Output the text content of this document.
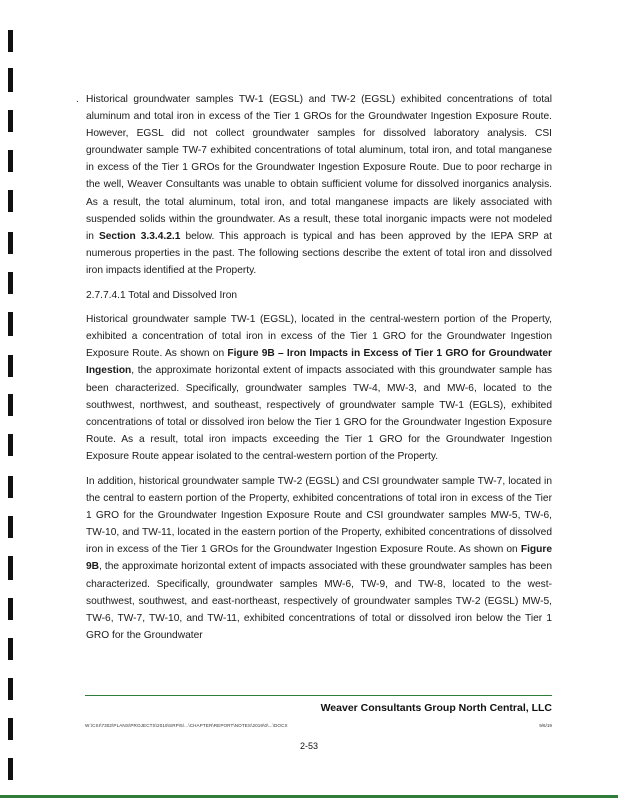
. Historical groundwater samples TW-1 (EGSL) and TW-2 (EGSL) exhibited concentrations of total aluminum and total iron in excess of the Tier 1 GROs for the Groundwater Ingestion Exposure Route. However, EGSL did not collect groundwater samples for dissolved laboratory analysis. CSI groundwater sample TW-7 exhibited concentrations of total aluminum, total iron, and total manganese in excess of the Tier 1 GROs for the Groundwater Ingestion Exposure Route. Due to poor recharge in the well, Weaver Consultants was unable to obtain sufficient volume for dissolved inorganics analysis. As a result, the total aluminum, total iron, and total manganese impacts are likely associated with suspended solids within the groundwater. As a result, these total inorganic impacts were not modeled in Section 3.3.4.2.1 below. This approach is typical and has been approved by the IEPA SRP at numerous properties in the past. The following sections describe the extent of total iron and dissolved iron impacts identified at the Property.

2.7.7.4.1 Total and Dissolved Iron

Historical groundwater sample TW-1 (EGSL), located in the central-western portion of the Property, exhibited a concentration of total iron in excess of the Tier 1 GRO for the Groundwater Ingestion Exposure Route. As shown on Figure 9B – Iron Impacts in Excess of Tier 1 GRO for Groundwater Ingestion, the approximate horizontal extent of impacts associated with this groundwater sample has been characterized. Specifically, groundwater samples TW-4, MW-3, and MW-6, located to the southwest, northwest, and southeast, respectively of groundwater sample TW-1 (EGLS), exhibited concentrations of total or dissolved iron below the Tier 1 GRO for the Groundwater Ingestion Exposure Route. As a result, total iron impacts exceeding the Tier 1 GRO for the Groundwater Ingestion Exposure Route appear isolated to the central-western portion of the Property.

In addition, historical groundwater sample TW-2 (EGSL) and CSI groundwater sample TW-7, located in the central to eastern portion of the Property, exhibited concentrations of total iron in excess of the Tier 1 GRO for the Groundwater Ingestion Exposure Route and CSI groundwater samples MW-5, TW-6, TW-10, and TW-11, located in the eastern portion of the Property, exhibited concentrations of dissolved iron in excess of the Tier 1 GROs for the Groundwater Ingestion Exposure Route. As shown on Figure 9B, the approximate horizontal extent of impacts associated with these groundwater samples has been characterized. Specifically, groundwater samples MW-6, TW-9, and TW-8, located to the west-southwest, southwest, and east-northeast, respectively of groundwater samples TW-2 (EGSL) MW-5, TW-6, TW-7, TW-10, and TW-11, exhibited concentrations of total or dissolved iron below the Tier 1 GRO for the Groundwater

Weaver Consultants Group North Central, LLC
W:\CSI\7302\PLANS\PROJECTS\2019\SRP\5\...\CHAPTER\REPORT\NOTES\2019\0\...\DOCX	9/6/19
2-53
